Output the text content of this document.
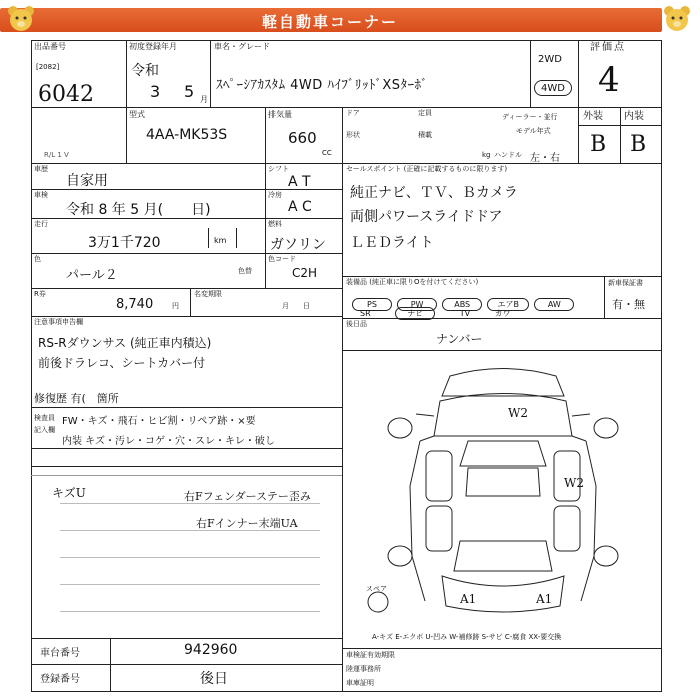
軽自動車コーナー
出品番号
[2082]
6042
初度登録年月
令和
3 5 月
車名・グレード
ｽﾍﾟｰｼｱｶｽﾀﾑ 4WD ﾊｲﾌﾞﾘｯﾄﾞXSﾀｰﾎﾞ
2WD
4WD
評価点
4
外装 内装
B B
型式
4AA-MK53S
排気量
660
CC
ドア	定員	ディーラー・並行
形状	積載	モデル年式
kg ハンドル 左・右
R/L 1 V
車歴
自家用
シフト
A T
車検
令和 8 年 5 月(　　日)
冷房
A C
走行
3万1千720	km
燃料
ガソリン
色
パール２	色替
色コード
C2H
R券
8,740	円
名変期限
月　　日
注意事項申告欄
RS-Rダウンサス (純正車内積込)
前後ドラレコ、シートカバー付
修復歴 有(　箇所
検査員記入欄
FW・キズ・飛石・ヒビ割・リペア跡・×要
内装 キズ・汚レ・コゲ・穴・スレ・キレ・破し
キズU	右Fフェンダーステー歪み
右Fインナー末端UA
セールスポイント (正確に記載するものに限ります)
純正ナビ、ＴＶ、Ｂカメラ
両側パワースライドドア
ＬＥＤライト
装備品 (純正車に限りOを付けてください)
PS	PW	ABS	エアB	AW
SR	ナビ	TV	カワ
新車保証書
有・無
後日品
ナンバー
W2
W2
A1	A1
スペア
A-キズ E-エクボ U-凹み W-補修跡 S-サビ C-腐食 XX-要交換
車台番号	942960
登録番号	後日
車検証有効期限
陸運事務所
車庫証明
